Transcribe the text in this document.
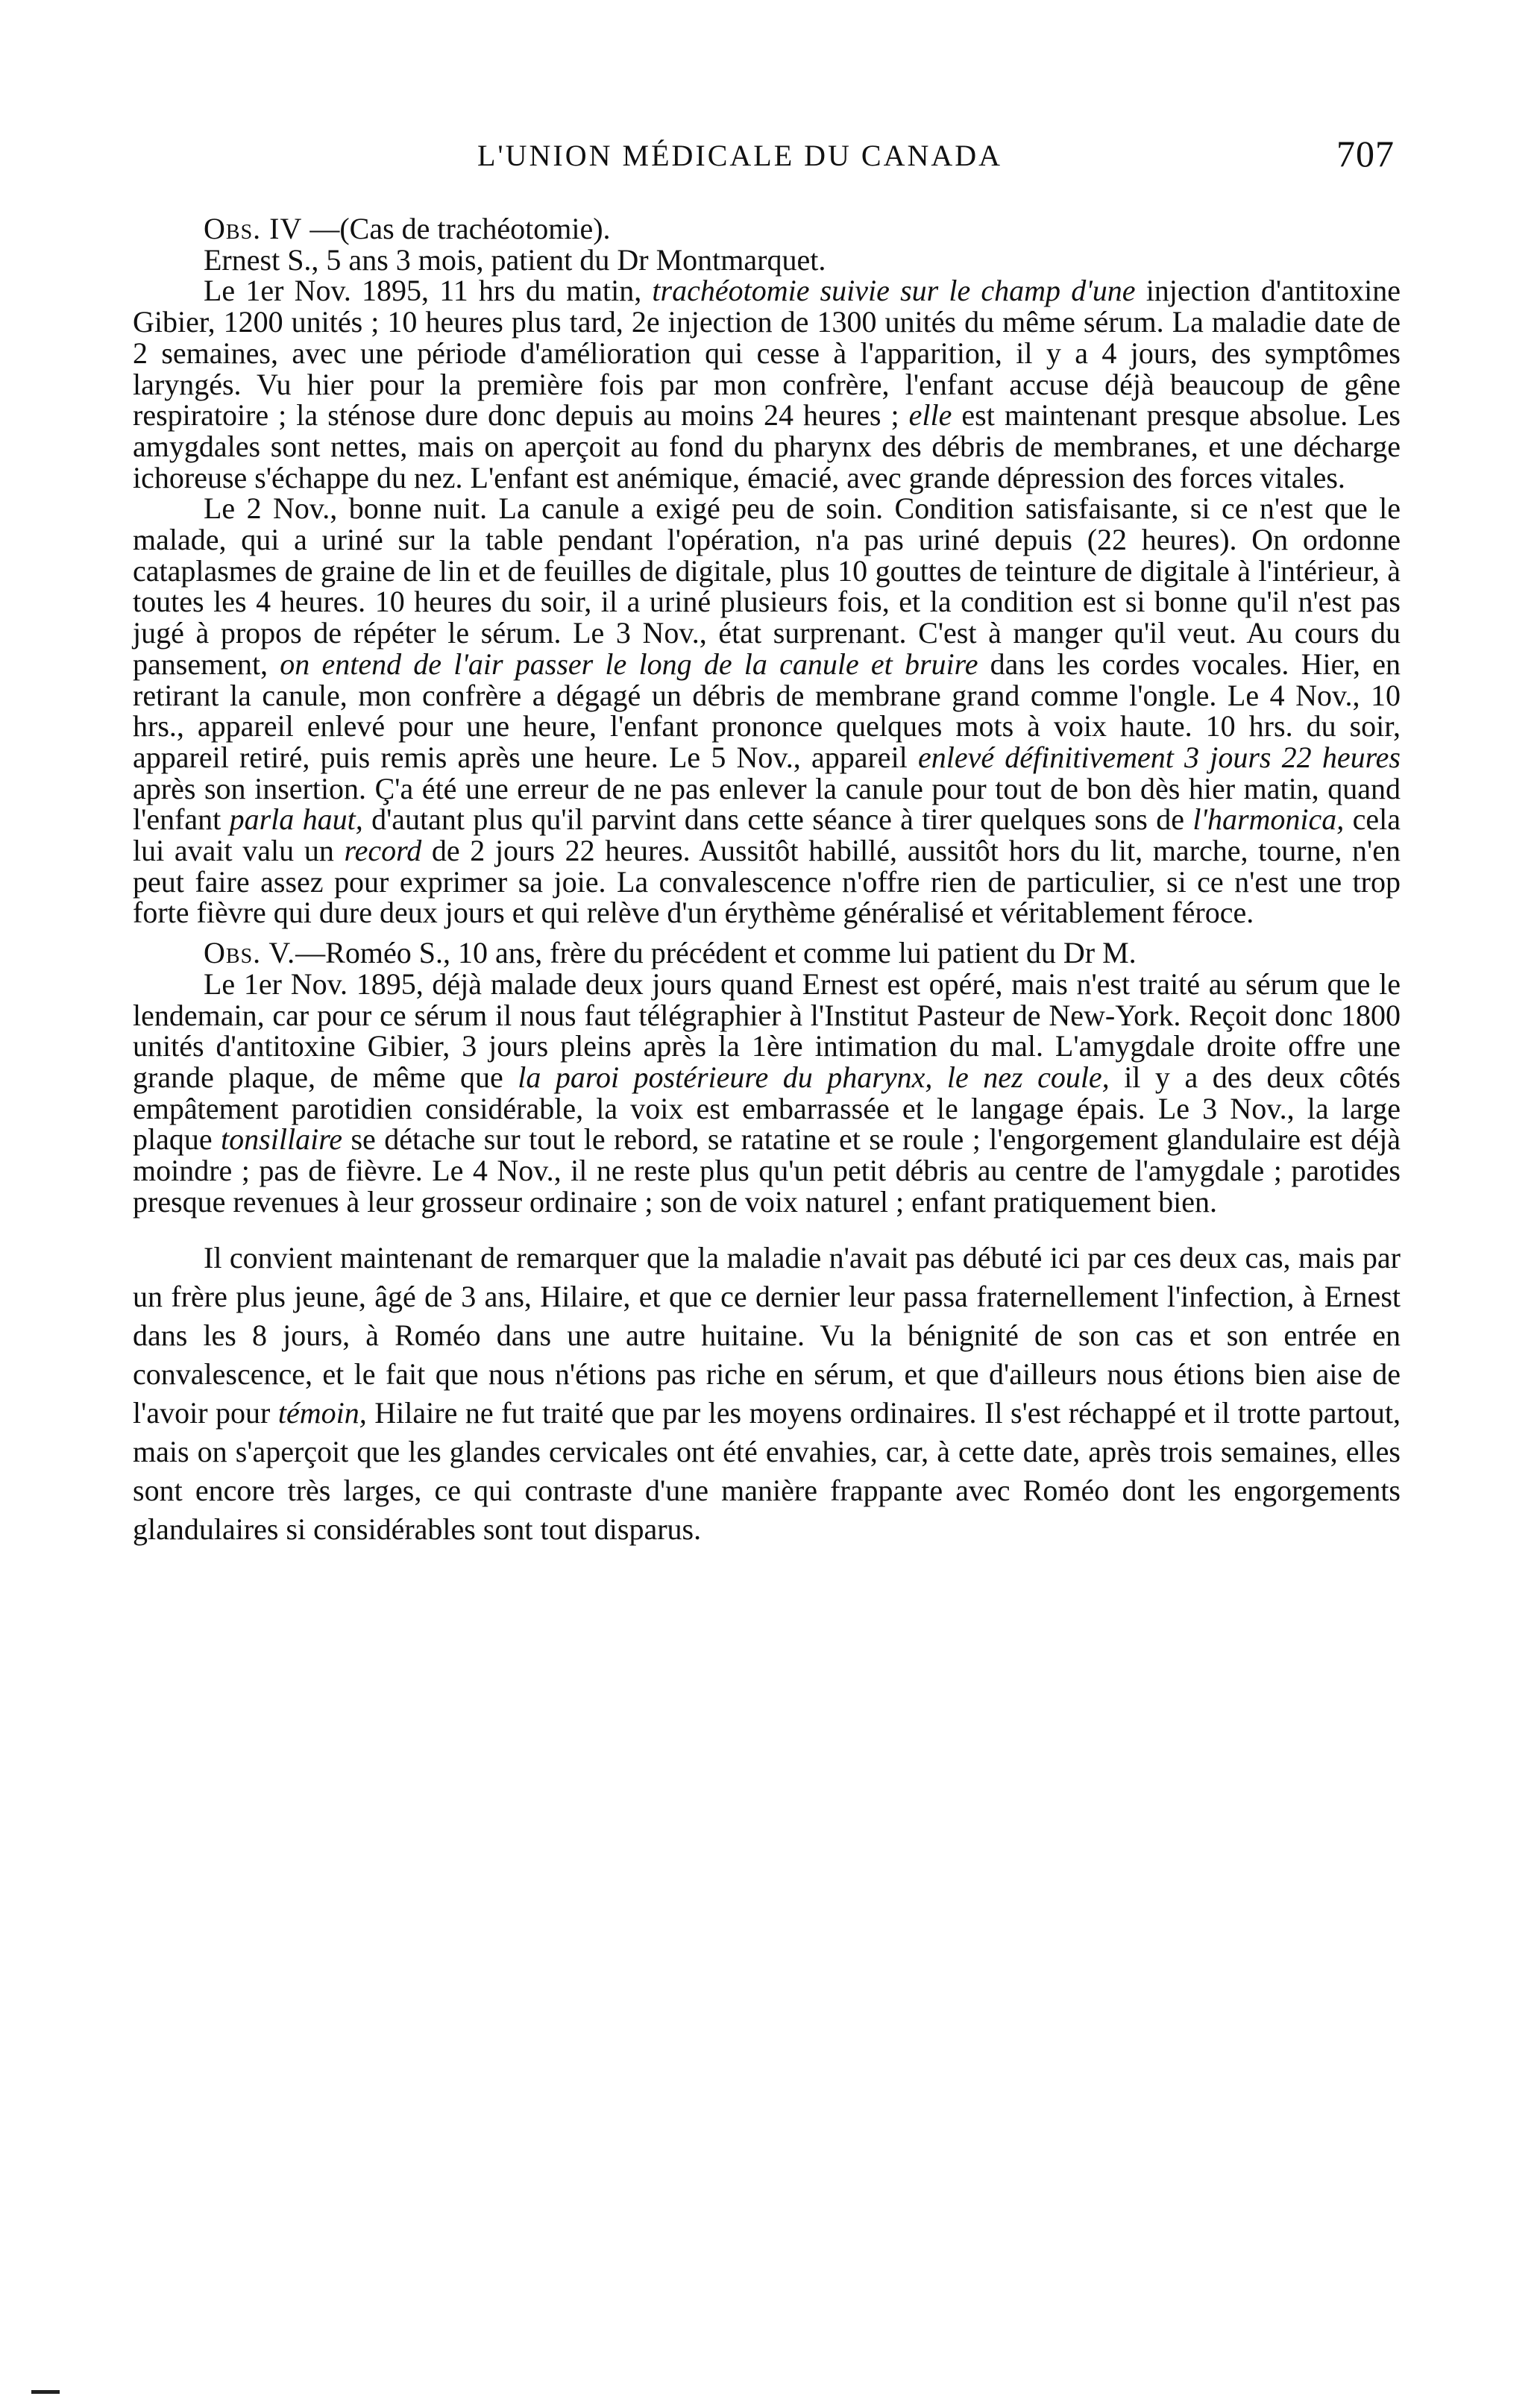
L'UNION MÉDICALE DU CANADA	707

Obs. IV —(Cas de trachéotomie).

Ernest S., 5 ans 3 mois, patient du Dr Montmarquet.

Le 1er Nov. 1895, 11 hrs du matin, trachéotomie suivie sur le champ d'une injection d'antitoxine Gibier, 1200 unités ; 10 heures plus tard, 2e injection de 1300 unités du même sérum. La maladie date de 2 semaines, avec une période d'amélioration qui cesse à l'apparition, il y a 4 jours, des symptômes laryngés. Vu hier pour la première fois par mon confrère, l'enfant accuse déjà beaucoup de gêne respiratoire ; la sténose dure donc depuis au moins 24 heures ; elle est maintenant presque absolue. Les amygdales sont nettes, mais on aperçoit au fond du pharynx des débris de membranes, et une décharge ichoreuse s'échappe du nez. L'enfant est anémique, émacié, avec grande dépression des forces vitales.

Le 2 Nov., bonne nuit. La canule a exigé peu de soin. Condition satisfaisante, si ce n'est que le malade, qui a uriné sur la table pendant l'opération, n'a pas uriné depuis (22 heures). On ordonne cataplasmes de graine de lin et de feuilles de digitale, plus 10 gouttes de teinture de digitale à l'intérieur, à toutes les 4 heures. 10 heures du soir, il a uriné plusieurs fois, et la condition est si bonne qu'il n'est pas jugé à propos de répéter le sérum. Le 3 Nov., état surprenant. C'est à manger qu'il veut. Au cours du pansement, on entend de l'air passer le long de la canule et bruire dans les cordes vocales. Hier, en retirant la canule, mon confrère a dégagé un débris de membrane grand comme l'ongle. Le 4 Nov., 10 hrs., appareil enlevé pour une heure, l'enfant prononce quelques mots à voix haute. 10 hrs. du soir, appareil retiré, puis remis après une heure. Le 5 Nov., appareil enlevé définitivement 3 jours 22 heures après son insertion. Ç'a été une erreur de ne pas enlever la canule pour tout de bon dès hier matin, quand l'enfant parla haut, d'autant plus qu'il parvint dans cette séance à tirer quelques sons de l'harmonica, cela lui avait valu un record de 2 jours 22 heures. Aussitôt habillé, aussitôt hors du lit, marche, tourne, n'en peut faire assez pour exprimer sa joie. La convalescence n'offre rien de particulier, si ce n'est une trop forte fièvre qui dure deux jours et qui relève d'un érythème généralisé et véritablement féroce.

Obs. V.—Roméo S., 10 ans, frère du précédent et comme lui patient du Dr M.

Le 1er Nov. 1895, déjà malade deux jours quand Ernest est opéré, mais n'est traité au sérum que le lendemain, car pour ce sérum il nous faut télégraphier à l'Institut Pasteur de New-York. Reçoit donc 1800 unités d'antitoxine Gibier, 3 jours pleins après la 1ère intimation du mal. L'amygdale droite offre une grande plaque, de même que la paroi postérieure du pharynx, le nez coule, il y a des deux côtés empâtement parotidien considérable, la voix est embarrassée et le langage épais. Le 3 Nov., la large plaque tonsillaire se détache sur tout le rebord, se ratatine et se roule ; l'engorgement glandulaire est déjà moindre ; pas de fièvre. Le 4 Nov., il ne reste plus qu'un petit débris au centre de l'amygdale ; parotides presque revenues à leur grosseur ordinaire ; son de voix naturel ; enfant pratiquement bien.

Il convient maintenant de remarquer que la maladie n'avait pas débuté ici par ces deux cas, mais par un frère plus jeune, âgé de 3 ans, Hilaire, et que ce dernier leur passa fraternellement l'infection, à Ernest dans les 8 jours, à Roméo dans une autre huitaine. Vu la bénignité de son cas et son entrée en convalescence, et le fait que nous n'étions pas riche en sérum, et que d'ailleurs nous étions bien aise de l'avoir pour témoin, Hilaire ne fut traité que par les moyens ordinaires. Il s'est réchappé et il trotte partout, mais on s'aperçoit que les glandes cervicales ont été envahies, car, à cette date, après trois semaines, elles sont encore très larges, ce qui contraste d'une manière frappante avec Roméo dont les engorgements glandulaires si considérables sont tout disparus.
